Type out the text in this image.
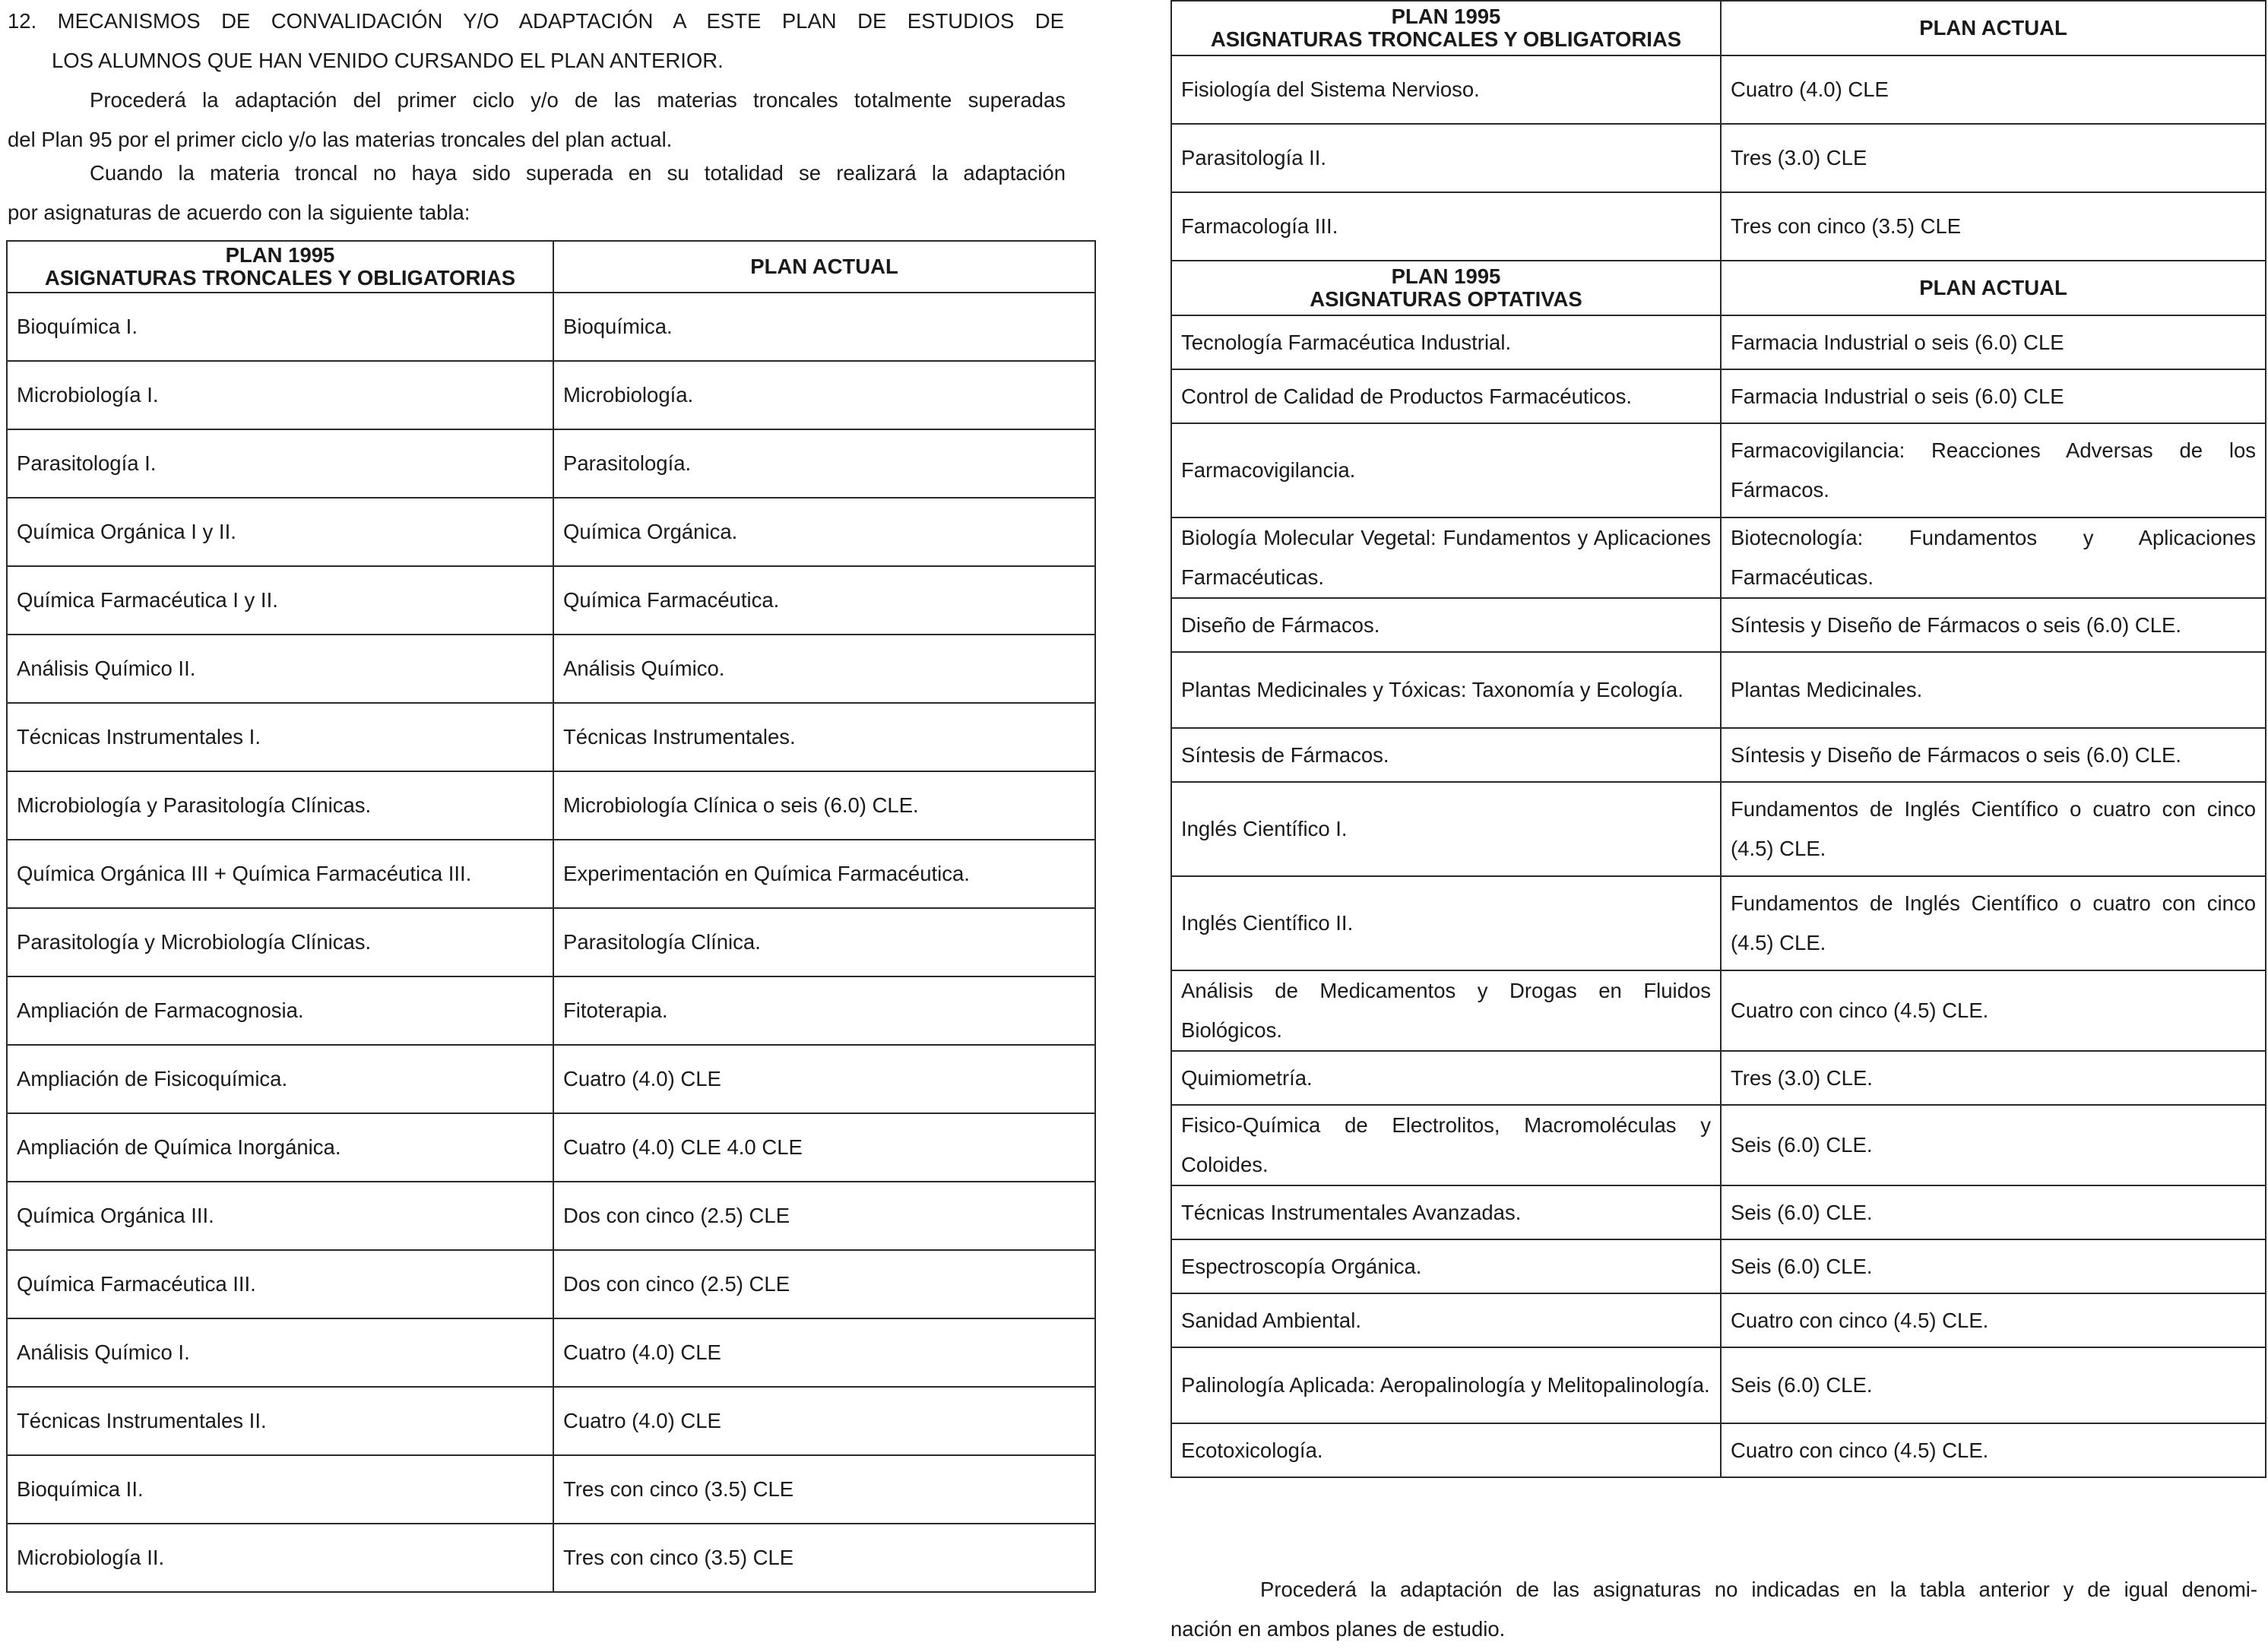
12. MECANISMOS DE CONVALIDACIÓN Y/O ADAPTACIÓN A ESTE PLAN DE ESTUDIOS DE
LOS ALUMNOS QUE HAN VENIDO CURSANDO EL PLAN ANTERIOR.
Procederá la adaptación del primer ciclo y/o de las materias troncales totalmente superadas
del Plan 95 por el primer ciclo y/o las materias troncales del plan actual.
Cuando la materia troncal no haya sido superada en su totalidad se realizará la adaptación
por asignaturas de acuerdo con la siguiente tabla:
PLAN 1995
ASIGNATURAS TRONCALES Y OBLIGATORIAS	PLAN ACTUAL
Bioquímica I.	Bioquímica.
Microbiología I.	Microbiología.
Parasitología I.	Parasitología.
Química Orgánica I y II.	Química Orgánica.
Química Farmacéutica I y II.	Química Farmacéutica.
Análisis Químico II.	Análisis Químico.
Técnicas Instrumentales I.	Técnicas Instrumentales.
Microbiología y Parasitología Clínicas.	Microbiología Clínica o seis (6.0) CLE.
Química Orgánica III + Química Farmacéutica III.	Experimentación en Química Farmacéutica.
Parasitología y Microbiología Clínicas.	Parasitología Clínica.
Ampliación de Farmacognosia.	Fitoterapia.
Ampliación de Fisicoquímica.	Cuatro (4.0) CLE
Ampliación de Química Inorgánica.	Cuatro (4.0) CLE 4.0 CLE
Química Orgánica III.	Dos con cinco (2.5) CLE
Química Farmacéutica III.	Dos con cinco (2.5) CLE
Análisis Químico I.	Cuatro (4.0) CLE
Técnicas Instrumentales II.	Cuatro (4.0) CLE
Bioquímica II.	Tres con cinco (3.5) CLE
Microbiología II.	Tres con cinco (3.5) CLE
PLAN 1995
ASIGNATURAS TRONCALES Y OBLIGATORIAS	PLAN ACTUAL
Fisiología del Sistema Nervioso.	Cuatro (4.0) CLE
Parasitología II.	Tres (3.0) CLE
Farmacología III.	Tres con cinco (3.5) CLE

PLAN 1995
ASIGNATURAS OPTATIVAS	PLAN ACTUAL
Tecnología Farmacéutica Industrial.	Farmacia Industrial o seis (6.0) CLE
Control de Calidad de Productos Farmacéuticos.	Farmacia Industrial o seis (6.0) CLE
Farmacovigilancia.	Farmacovigilancia: Reacciones Adversas de los Fármacos.
Biología Molecular Vegetal: Fundamentos y Aplicaciones Farmacéuticas.	Biotecnología: Fundamentos y Aplicaciones Farmacéuticas.
Diseño de Fármacos.	Síntesis y Diseño de Fármacos o seis (6.0) CLE.
Plantas Medicinales y Tóxicas: Taxonomía y Ecología.	Plantas Medicinales.
Síntesis de Fármacos.	Síntesis y Diseño de Fármacos o seis (6.0) CLE.
Inglés Científico I.	Fundamentos de Inglés Científico o cuatro con cinco (4.5) CLE.
Inglés Científico II.	Fundamentos de Inglés Científico o cuatro con cinco (4.5) CLE.
Análisis de Medicamentos y Drogas en Fluidos Biológicos.	Cuatro con cinco (4.5) CLE.
Quimiometría.	Tres (3.0) CLE.
Fisico-Química de Electrolitos, Macromoléculas y Coloides.	Seis (6.0) CLE.
Técnicas Instrumentales Avanzadas.	Seis (6.0) CLE.
Espectroscopía Orgánica.	Seis (6.0) CLE.
Sanidad Ambiental.	Cuatro con cinco (4.5) CLE.
Palinología Aplicada: Aeropalinología y Melitopalinología.	Seis (6.0) CLE.
Ecotoxicología.	Cuatro con cinco (4.5) CLE.
Procederá la adaptación de las asignaturas no indicadas en la tabla anterior y de igual denomi-
nación en ambos planes de estudio.
